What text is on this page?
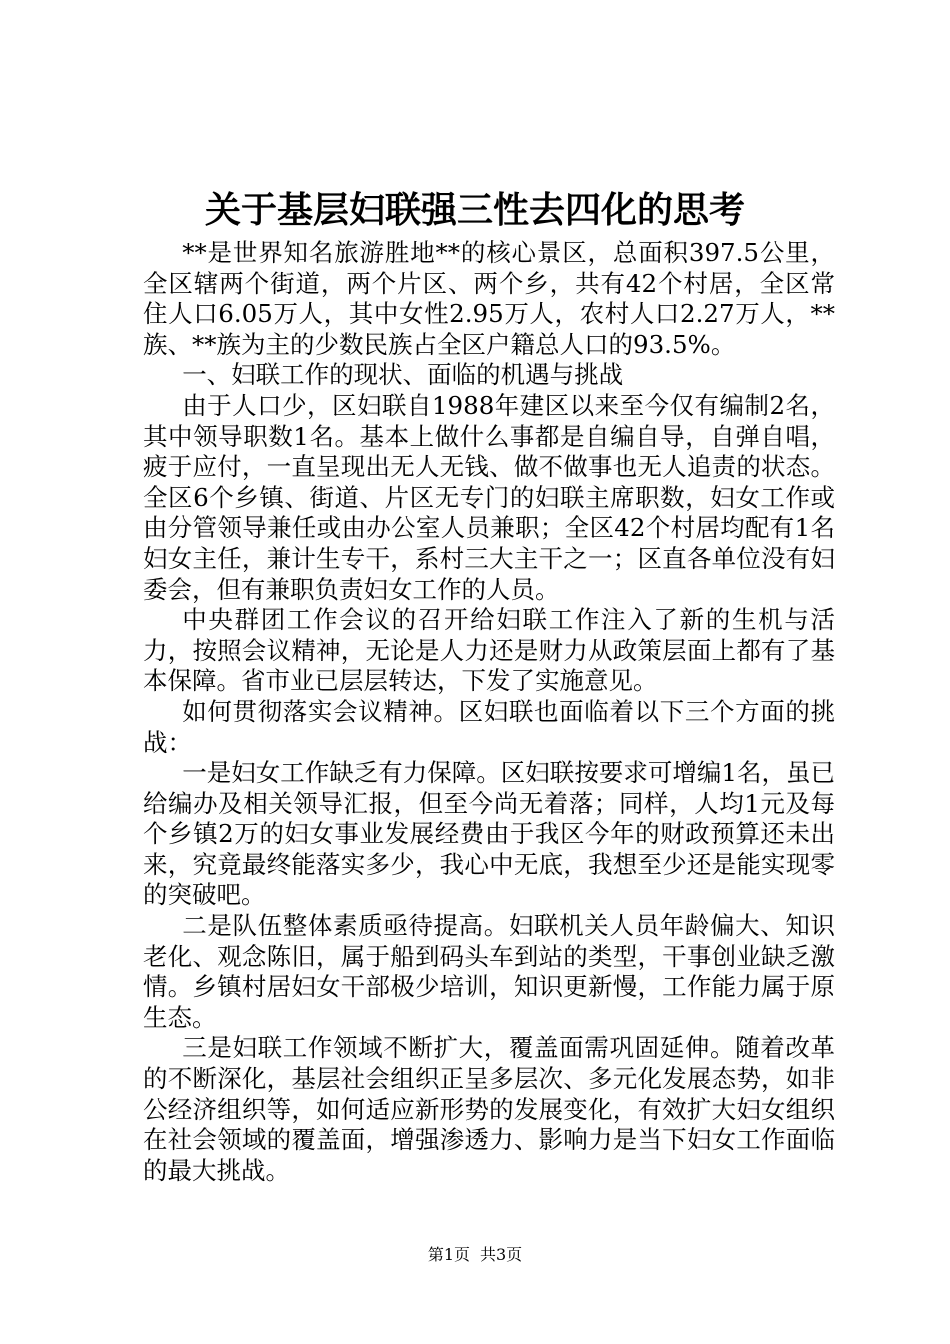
关于基层妇联强三性去四化的思考

**是世界知名旅游胜地**的核心景区，总面积397.5公里，全区辖两个街道，两个片区、两个乡，共有42个村居，全区常住人口6.05万人，其中女性2.95万人，农村人口2.27万人，**族、**族为主的少数民族占全区户籍总人口的93.5%。

一、妇联工作的现状、面临的机遇与挑战

由于人口少，区妇联自1988年建区以来至今仅有编制2名，其中领导职数1名。基本上做什么事都是自编自导，自弹自唱，疲于应付，一直呈现出无人无钱、做不做事也无人追责的状态。全区6个乡镇、街道、片区无专门的妇联主席职数，妇女工作或由分管领导兼任或由办公室人员兼职；全区42个村居均配有1名妇女主任，兼计生专干，系村三大主干之一；区直各单位没有妇委会，但有兼职负责妇女工作的人员。

中央群团工作会议的召开给妇联工作注入了新的生机与活力，按照会议精神，无论是人力还是财力从政策层面上都有了基本保障。省市业已层层转达，下发了实施意见。

如何贯彻落实会议精神。区妇联也面临着以下三个方面的挑战：

一是妇女工作缺乏有力保障。区妇联按要求可增编1名，虽已给编办及相关领导汇报，但至今尚无着落；同样，人均1元及每个乡镇2万的妇女事业发展经费由于我区今年的财政预算还未出来，究竟最终能落实多少，我心中无底，我想至少还是能实现零的突破吧。

二是队伍整体素质亟待提高。妇联机关人员年龄偏大、知识老化、观念陈旧，属于船到码头车到站的类型，干事创业缺乏激情。乡镇村居妇女干部极少培训，知识更新慢，工作能力属于原生态。

三是妇联工作领域不断扩大，覆盖面需巩固延伸。随着改革的不断深化，基层社会组织正呈多层次、多元化发展态势，如非公经济组织等，如何适应新形势的发展变化，有效扩大妇女组织在社会领域的覆盖面，增强渗透力、影响力是当下妇女工作面临的最大挑战。

第1页 共3页
